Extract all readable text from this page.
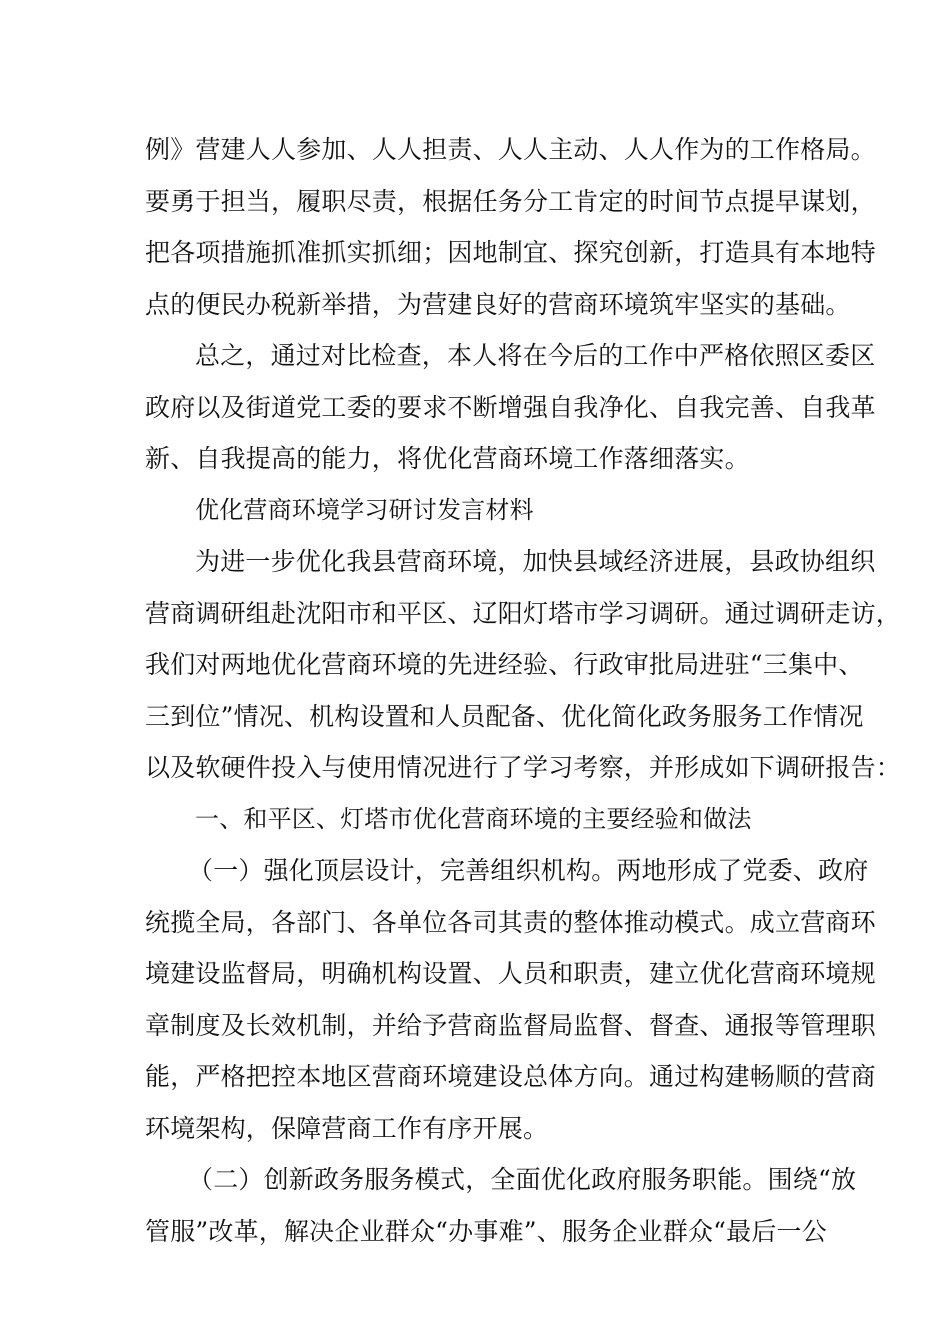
例》营建人人参加、人人担责、人人主动、人人作为的工作格局。
要勇于担当，履职尽责，根据任务分工肯定的时间节点提早谋划，
把各项措施抓准抓实抓细；因地制宜、探究创新，打造具有本地特
点的便民办税新举措，为营建良好的营商环境筑牢坚实的基础。
总之，通过对比检查，本人将在今后的工作中严格依照区委区
政府以及街道党工委的要求不断增强自我净化、自我完善、自我革
新、自我提高的能力，将优化营商环境工作落细落实。
优化营商环境学习研讨发言材料
为进一步优化我县营商环境，加快县域经济进展，县政协组织
营商调研组赴沈阳市和平区、辽阳灯塔市学习调研。通过调研走访，
我们对两地优化营商环境的先进经验、行政审批局进驻“三集中、
三到位”情况、机构设置和人员配备、优化简化政务服务工作情况
以及软硬件投入与使用情况进行了学习考察，并形成如下调研报告：
一、和平区、灯塔市优化营商环境的主要经验和做法
（一）强化顶层设计，完善组织机构。两地形成了党委、政府
统揽全局，各部门、各单位各司其责的整体推动模式。成立营商环
境建设监督局，明确机构设置、人员和职责，建立优化营商环境规
章制度及长效机制，并给予营商监督局监督、督查、通报等管理职
能，严格把控本地区营商环境建设总体方向。通过构建畅顺的营商
环境架构，保障营商工作有序开展。
（二）创新政务服务模式，全面优化政府服务职能。围绕“放
管服”改革，解决企业群众“办事难”、服务企业群众“最后一公
